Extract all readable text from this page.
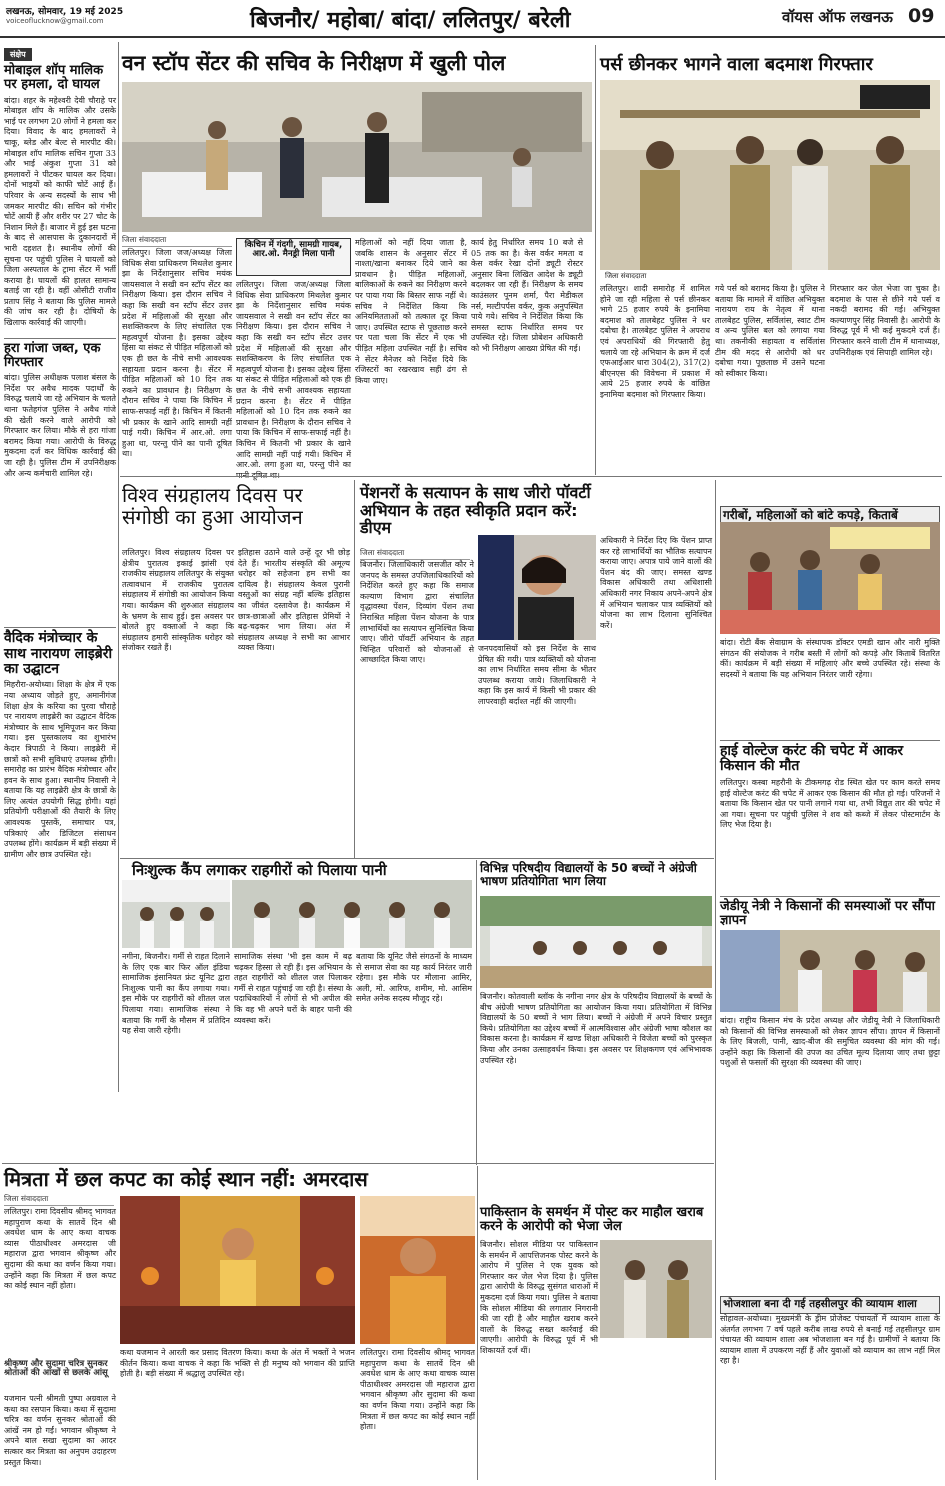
लखनऊ, सोमवार, 19 मई 2025
voiceoflucknow@gmail.com	बिजनौर/ महोबा/ बांदा/ ललितपुर/ बरेली	वॉयस ऑफ लखनऊ 09
संक्षेप
मोबाइल शॉप मालिक पर हमला, दो घायल
बांदा। शहर के महेश्वरी देवी चौराहे पर मोबाइल शॉप के मालिक और उसके भाई पर लगभग 20 लोगों ने हमला कर दिया। विवाद के बाद हमलावरों ने चाकू, ब्लेड और बेल्ट से मारपीट की। मोबाइल शॉप मालिक सचिन गुप्ता 33 और भाई अंकुश गुप्ता 31 को हमलावरों ने पीटकर घायल कर दिया। दोनों भाइयों को काफी चोटें आई हैं। परिवार के अन्य सदस्यों के साथ भी जमकर मारपीट की। सचिन को गंभीर चोटें आयी हैं और शरीर पर 27 चोट के निशान मिले हैं। बाजार में हुई इस घटना के बाद से आसपास के दुकानदारों में भारी दहशत है। स्थानीय लोगों की सूचना पर पहुंची पुलिस ने घायलों को जिला अस्पताल के ट्रामा सेंटर में भर्ती कराया है। घायलों की हालत सामान्य बताई जा रही है। वहीं ओसीटी राजीव प्रताप सिंह ने बताया कि पुलिस मामले की जांच कर रही है। दोषियों के खिलाफ कार्रवाई की जाएगी।
हरा गांजा जब्त, एक गिरफ्तार
बांदा। पुलिस अधीक्षक पलाश बंसल के निर्देश पर अवैध मादक पदार्थों के विरुद्ध चलाये जा रहे अभियान के चलते थाना फतेहगंज पुलिस ने अवैध गांजे की खेती करने वाले आरोपी को गिरफ्तार कर लिया। मौके से हरा गांजा बरामद किया गया। आरोपी के विरुद्ध मुकदमा दर्ज कर विधिक कार्रवाई की जा रही है। पुलिस टीम में उपनिरीक्षक और अन्य कर्मचारी शामिल रहे।
वैदिक मंत्रोच्चार के साथ नारायण लाइब्रेरी का उद्घाटन
मिहरौरा-अयोध्या। शिक्षा के क्षेत्र में एक नया अध्याय जोड़ते हुए, अमानीगंज शिक्षा क्षेत्र के करिया का पुरवा चौराहे पर नारायण लाइब्रेरी का उद्घाटन वैदिक मंत्रोच्चार के साथ भूमिपूजन कर किया गया। इस पुस्तकालय का शुभारंभ केदार त्रिपाठी ने किया। लाइब्रेरी में छात्रों को सभी सुविधाएं उपलब्ध होंगी। समारोह का प्रारंभ वैदिक मंत्रोच्चार और हवन के साथ हुआ। स्थानीय निवासी ने बताया कि यह लाइब्रेरी क्षेत्र के छात्रों के लिए अत्यंत उपयोगी सिद्ध होगी। यहां प्रतियोगी परीक्षाओं की तैयारी के लिए आवश्यक पुस्तकें, समाचार पत्र, पत्रिकाएं और डिजिटल संसाधन उपलब्ध होंगे। कार्यक्रम में बड़ी संख्या में ग्रामीण और छात्र उपस्थित रहे।
वन स्टॉप सेंटर की सचिव के निरीक्षण में खुली पोल
जिला संवाददाता
ललितपुर। जिला जज/अध्यक्ष जिला विधिक सेवा प्राधिकरण मिथलेश कुमार झा के निर्देशानुसार सचिव मयंक जायसवाल ने सखी वन स्टॉप सेंटर का निरीक्षण किया। इस दौरान सचिव ने कहा कि सखी वन स्टॉप सेंटर उत्तर प्रदेश में महिलाओं की सुरक्षा और सशक्तिकरण के लिए संचालित एक महत्वपूर्ण योजना है। इसका उद्देश्य हिंसा या संकट से पीड़ित महिलाओं को एक ही छत के नीचे सभी आवश्यक सहायता प्रदान करना है। सेंटर में पीड़ित महिलाओं को 10 दिन तक रुकने का प्रावधान है। निरीक्षण के दौरान सचिव ने पाया कि किचिन में साफ-सफाई नहीं है। किचिन में कितनी भी प्रकार के खाने आदि सामग्री नहीं पाई गयी। किचिन में आर.ओ. लगा हुआ था, परन्तु पीने का पानी दूषित था।
किचिन में गंदगी, सामग्री गायब, आर.ओ. मैनड्री मिला पानी
ललितपुर। जिला जज/अध्यक्ष जिला विधिक सेवा प्राधिकरण मिथलेश कुमार झा के निर्देशानुसार सचिव मयंक जायसवाल ने सखी वन स्टॉप सेंटर का निरीक्षण किया। इस दौरान सचिव ने कहा कि सखी वन स्टॉप सेंटर उत्तर प्रदेश में महिलाओं की सुरक्षा और सशक्तिकरण के लिए संचालित एक महत्वपूर्ण योजना है। इसका उद्देश्य हिंसा या संकट से पीड़ित महिलाओं को एक ही छत के नीचे सभी आवश्यक सहायता प्रदान करना है। सेंटर में पीड़ित महिलाओं को 10 दिन तक रुकने का प्रावधान है। निरीक्षण के दौरान सचिव ने पाया कि किचिन में साफ-सफाई नहीं है। किचिन में कितनी भी प्रकार के खाने आदि सामग्री नहीं पाई गयी। किचिन में आर.ओ. लगा हुआ था, परन्तु पीने का
महिलाओं को नहीं दिया जाता है, जबकि शासन के अनुसार सेंटर में नाश्ता/खाना बनाकर दिये जाने का प्रावधान है। पीड़ित महिलाओं, बालिकाओं के रुकने का निरीक्षण करने पर पाया गया कि बिस्तर साफ नहीं थे। सचिव ने निर्देशित किया कि अनियमितताओं को तत्काल दूर किया जाए। उपस्थित स्टाफ से पूछताछ करने पर पता चला कि सेंटर में एक भी पीड़ित महिला उपस्थित नहीं है। सचिव ने सेंटर मैनेजर को निर्देश दिये कि रजिस्टरों का रखरखाव सही ढंग से किया जाए।
कार्य हेतु निर्धारित समय 10 बजे से 05 तक का है। केस वर्कर ममता व केस वर्कर रेखा दोनों ड्यूटी रोस्टर अनुसार बिना लिखित आदेश के ड्यूटी बदलकर जा रही हैं। निरीक्षण के समय काउंसलर पूनम शर्मा, पैरा मेडीकल नर्स, मल्टीपर्पस वर्कर, कुक अनुपस्थित पाये गये। सचिव ने निर्देशित किया कि समस्त स्टाफ निर्धारित समय पर उपस्थित रहे। जिला प्रोबेशन अधिकारी को भी निरीक्षण आख्या प्रेषित की गई।
पर्स छीनकर भागने वाला बदमाश गिरफ्तार
जिला संवाददाता
ललितपुर। शादी समारोह में शामिल होने जा रही महिला से पर्स छीनकर भागे 25 हजार रुपये के इनामिया बदमाश को तालबेहट पुलिस ने धर दबोचा है। तालबेहट पुलिस ने अपराध एवं अपराधियों की गिरफ्तारी हेतु चलाये जा रहे अभियान के क्रम में दर्ज एफआईआर धारा 304(2), 317(2) बीएनएस की विवेचना में प्रकाश में आये 25 हजार रुपये के वांछित इनामिया बदमाश को गिरफ्तार किया।
गये पर्स को बरामद किया है। पुलिस ने बताया कि मामले में वांछित अभियुक्त नारायण राय के नेतृत्व में थाना तालबेहट पुलिस, सर्विलांस, स्वाट टीम व अन्य पुलिस बल को लगाया गया था। तकनीकी सहायता व सर्विलांस टीम की मदद से आरोपी को धर दबोचा गया। पूछताछ में उसने घटना को स्वीकार किया।
गिरफ्तार कर जेल भेजा जा चुका है। बदमाश के पास से छीने गये पर्स व नकदी बरामद की गई। अभियुक्त कल्याणपुर सिंह निवासी है। आरोपी के विरुद्ध पूर्व में भी कई मुकदमे दर्ज हैं। गिरफ्तार करने वाली टीम में थानाध्यक्ष, उपनिरीक्षक एवं सिपाही शामिल रहे।
विश्व संग्रहालय दिवस पर संगोष्ठी का हुआ आयोजन
ललितपुर। विश्व संग्रहालय दिवस पर क्षेत्रीय पुरातत्व इकाई झांसी एवं राजकीय संग्रहालय ललितपुर के संयुक्त तत्वावधान में राजकीय पुरातत्व संग्रहालय में संगोष्ठी का आयोजन किया गया। कार्यक्रम की शुरुआत संग्रहालय के भ्रमण के साथ हुई। इस अवसर पर बोलते हुए वक्ताओं ने कहा कि संग्रहालय हमारी सांस्कृतिक धरोहर को संजोकर रखते हैं।
इतिहास उठाने वाले उन्हें दूर भी छोड़ देते हैं। भारतीय संस्कृति की अमूल्य धरोहर को सहेजना हम सभी का दायित्व है। संग्रहालय केवल पुरानी वस्तुओं का संग्रह नहीं बल्कि इतिहास का जीवंत दस्तावेज है। कार्यक्रम में छात्र-छात्राओं और इतिहास प्रेमियों ने बढ़-चढ़कर भाग लिया। अंत में संग्रहालय अध्यक्ष ने सभी का आभार व्यक्त किया।
पेंशनरों के सत्यापन के साथ जीरो पॉवर्टी अभियान के तहत स्वीकृति प्रदान करें: डीएम
जिला संवाददाता
बिजनौर। जिलाधिकारी जसजीत कौर ने जनपद के समस्त उपजिलाधिकारियों को निर्देशित करते हुए कहा कि समाज कल्याण विभाग द्वारा संचालित वृद्धावस्था पेंशन, दिव्यांग पेंशन तथा निराश्रित महिला पेंशन योजना के पात्र लाभार्थियों का सत्यापन सुनिश्चित किया जाए। जीरो पॉवर्टी अभियान के तहत चिन्हित परिवारों को योजनाओं से आच्छादित किया जाए।
अधिकारी ने निर्देश दिए कि पेंशन प्राप्त कर रहे लाभार्थियों का भौतिक सत्यापन कराया जाए। अपात्र पाये जाने वालों की पेंशन बंद की जाए। समस्त खण्ड विकास अधिकारी तथा अधिशासी अधिकारी नगर निकाय अपने-अपने क्षेत्र में अभियान चलाकर पात्र व्यक्तियों को योजना का लाभ दिलाना सुनिश्चित करें।
जनपदवासियों को इस निर्देश के साथ प्रेषित की गयी। पात्र व्यक्तियों को योजना का लाभ निर्धारित समय सीमा के भीतर उपलब्ध कराया जाये। जिलाधिकारी ने कहा कि इस कार्य में किसी भी प्रकार की लापरवाही बर्दाश्त नहीं की जाएगी।
गरीबों, महिलाओं को बांटे कपड़े, किताबें
बांदा। रोटी बैंक सेवाग्राम के संस्थापक डॉक्टर एमडी खान और नारी मुक्ति संगठन की संयोजक ने गरीब बस्ती में लोगों को कपड़े और किताबें वितरित कीं। कार्यक्रम में बड़ी संख्या में महिलाएं और बच्चे उपस्थित रहे। संस्था के सदस्यों ने बताया कि यह अभियान निरंतर जारी रहेगा।
हाई वोल्टेज करंट की चपेट में आकर किसान की मौत
ललितपुर। कस्बा महरौनी के टीकमगढ़ रोड स्थित खेत पर काम करते समय हाई वोल्टेज करंट की चपेट में आकर एक किसान की मौत हो गई। परिजनों ने बताया कि किसान खेत पर पानी लगाने गया था, तभी विद्युत तार की चपेट में आ गया। सूचना पर पहुंची पुलिस ने शव को कब्जे में लेकर पोस्टमार्टम के लिए भेज दिया है।
निःशुल्क कैंप लगाकर राहगीरों को पिलाया पानी
नगीना, बिजनौर। गर्मी से राहत दिलाने के लिए एक बार फिर ऑल इंडिया सामाजिक इंसानियत फ्रंट यूनिट द्वारा निःशुल्क पानी का कैंप लगाया गया। इस मौके पर राहगीरों को शीतल जल पिलाया गया। सामाजिक संस्था ने बताया कि गर्मी के मौसम में प्रतिदिन यह सेवा जारी रहेगी।
सामाजिक संस्था 'भी इस काम में बढ़ चढ़कर हिस्सा ले रही हैं। इस अभियान के तहत राहगीरों को शीतल जल पिलाकर गर्मी से राहत पहुंचाई जा रही है। संस्था के पदाधिकारियों ने लोगों से भी अपील की कि वह भी अपने घरों के बाहर पानी की व्यवस्था करें।
बताया कि यूनिट जैसे संगठनों के माध्यम से समाज सेवा का यह कार्य निरंतर जारी रहेगा। इस मौके पर मौलाना आमिर, अली, मो. आरिफ, शमीम, मो. आसिम समेत अनेक सदस्य मौजूद रहे।
विभिन्न परिषदीय विद्यालयों के 50 बच्चों ने अंग्रेजी भाषण प्रतियोगिता भाग लिया
बिजनौर। कोतवाली ब्लॉक के नगीना नगर क्षेत्र के परिषदीय विद्यालयों के बच्चों के बीच अंग्रेजी भाषण प्रतियोगिता का आयोजन किया गया। प्रतियोगिता में विभिन्न विद्यालयों के 50 बच्चों ने भाग लिया। बच्चों ने अंग्रेजी में अपने विचार प्रस्तुत किये। प्रतियोगिता का उद्देश्य बच्चों में आत्मविश्वास और अंग्रेजी भाषा कौशल का विकास करना है। कार्यक्रम में खण्ड शिक्षा अधिकारी ने विजेता बच्चों को पुरस्कृत किया और उनका उत्साहवर्धन किया। इस अवसर पर शिक्षकगण एवं अभिभावक उपस्थित रहे।
जेडीयू नेत्री ने किसानों की समस्याओं पर सौंपा ज्ञापन
बांदा। राष्ट्रीय किसान मंच के प्रदेश अध्यक्ष और जेडीयू नेत्री ने जिलाधिकारी को किसानों की विभिन्न समस्याओं को लेकर ज्ञापन सौंपा। ज्ञापन में किसानों के लिए बिजली, पानी, खाद-बीज की समुचित व्यवस्था की मांग की गई। उन्होंने कहा कि किसानों की उपज का उचित मूल्य दिलाया जाए तथा छुट्टा पशुओं से फसलों की सुरक्षा की व्यवस्था की जाए।
भोजशाला बना दी गई तहसीलपुर की व्यायाम शाला
सोहावल-अयोध्या। मुख्यमंत्री के ड्रीम प्रोजेक्ट पंचायतों में व्यायाम शाला के अंतर्गत लगभग 7 वर्ष पहले करीब लाख रुपये से बनाई गई तहसीलपुर ग्राम पंचायत की व्यायाम शाला अब भोजशाला बन गई है। ग्रामीणों ने बताया कि व्यायाम शाला में उपकरण नहीं हैं और युवाओं को व्यायाम का लाभ नहीं मिल रहा है।
मित्रता में छल कपट का कोई स्थान नहीं: अमरदास
जिला संवाददाता
ललितपुर। रामा दिवसीय श्रीमद् भागवत महापुराण कथा के सातवें दिन श्री अवधेश धाम के आए कथा वाचक व्यास पीठाधीश्वर अमरदास जी महाराज द्वारा भगवान श्रीकृष्ण और सुदामा की कथा का वर्णन किया गया। उन्होंने कहा कि मित्रता में छल कपट का कोई स्थान नहीं होता।
श्रीकृष्ण और सुदामा चरित्र सुनकर श्रोताओं की आंखों से छलके आंसू
यजमान पत्नी श्रीमती पुष्पा अग्रवाल ने कथा का रसपान किया। कथा में सुदामा चरित्र का वर्णन सुनकर श्रोताओं की आंखें नम हो गईं। भगवान श्रीकृष्ण ने अपने बाल सखा सुदामा का आदर सत्कार कर मित्रता का अनुपम उदाहरण प्रस्तुत किया।
कथा यजमान ने आरती कर प्रसाद वितरण किया। कथा के अंत में भक्तों ने भजन कीर्तन किया। कथा वाचक ने कहा कि भक्ति से ही मनुष्य को भगवान की प्राप्ति होती है। बड़ी संख्या में श्रद्धालु उपस्थित रहे।
ललितपुर। रामा दिवसीय श्रीमद् भागवत महापुराण कथा के सातवें दिन श्री अवधेश धाम के आए कथा वाचक व्यास पीठाधीश्वर अमरदास जी महाराज द्वारा भगवान श्रीकृष्ण और सुदामा की कथा का वर्णन किया गया। उन्होंने कहा कि मित्रता में छल कपट का कोई स्थान नहीं होता।
पाकिस्तान के समर्थन में पोस्ट कर माहौल खराब करने के आरोपी को भेजा जेल
बिजनौर। सोशल मीडिया पर पाकिस्तान के समर्थन में आपत्तिजनक पोस्ट करने के आरोप में पुलिस ने एक युवक को गिरफ्तार कर जेल भेज दिया है। पुलिस द्वारा आरोपी के विरुद्ध सुसंगत धाराओं में मुकदमा दर्ज किया गया। पुलिस ने बताया कि सोशल मीडिया की लगातार निगरानी की जा रही है और माहौल खराब करने वालों के विरुद्ध सख्त कार्रवाई की जाएगी। आरोपी के विरुद्ध पूर्व में भी शिकायतें दर्ज थीं।
